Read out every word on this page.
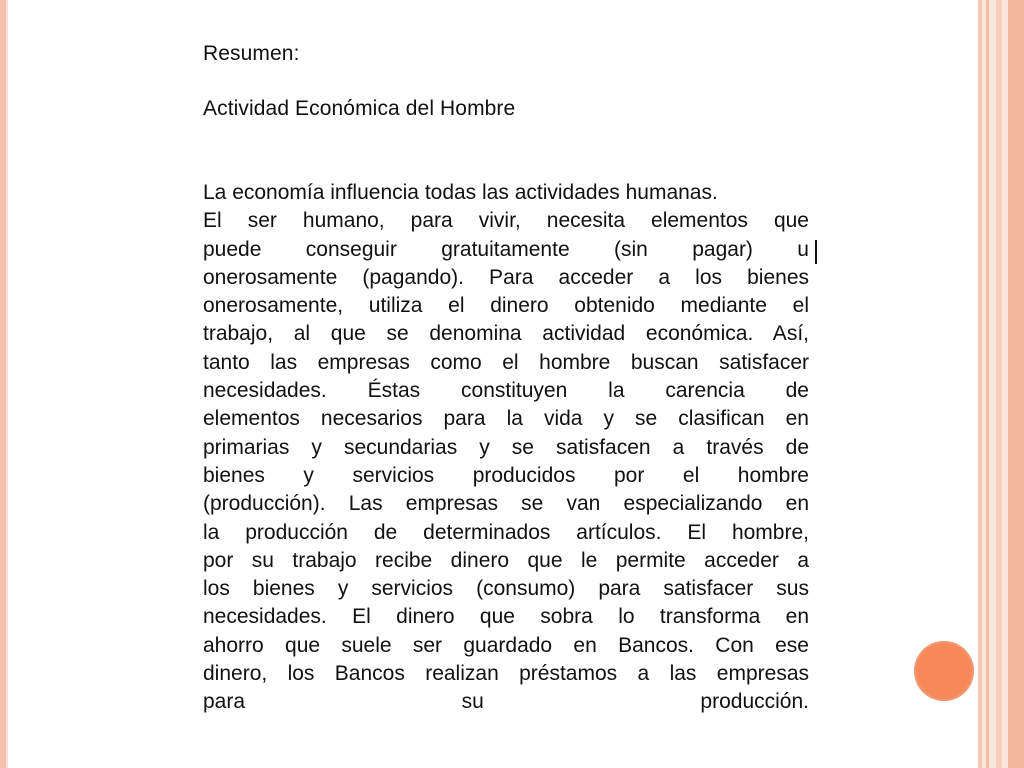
Resumen:
Actividad Económica del Hombre
La economía influencia todas las actividades humanas.
El ser humano, para vivir, necesita elementos que
puede conseguir gratuitamente (sin pagar) u
onerosamente (pagando). Para acceder a los bienes
onerosamente, utiliza el dinero obtenido mediante el
trabajo, al que se denomina actividad económica. Así,
tanto las empresas como el hombre buscan satisfacer
necesidades. Éstas constituyen la carencia de
elementos necesarios para la vida y se clasifican en
primarias y secundarias y se satisfacen a través de
bienes y servicios producidos por el hombre
(producción). Las empresas se van especializando en
la producción de determinados artículos. El hombre,
por su trabajo recibe dinero que le permite acceder a
los bienes y servicios (consumo) para satisfacer sus
necesidades. El dinero que sobra lo transforma en
ahorro que suele ser guardado en Bancos. Con ese
dinero, los Bancos realizan préstamos a las empresas
para su producción.
